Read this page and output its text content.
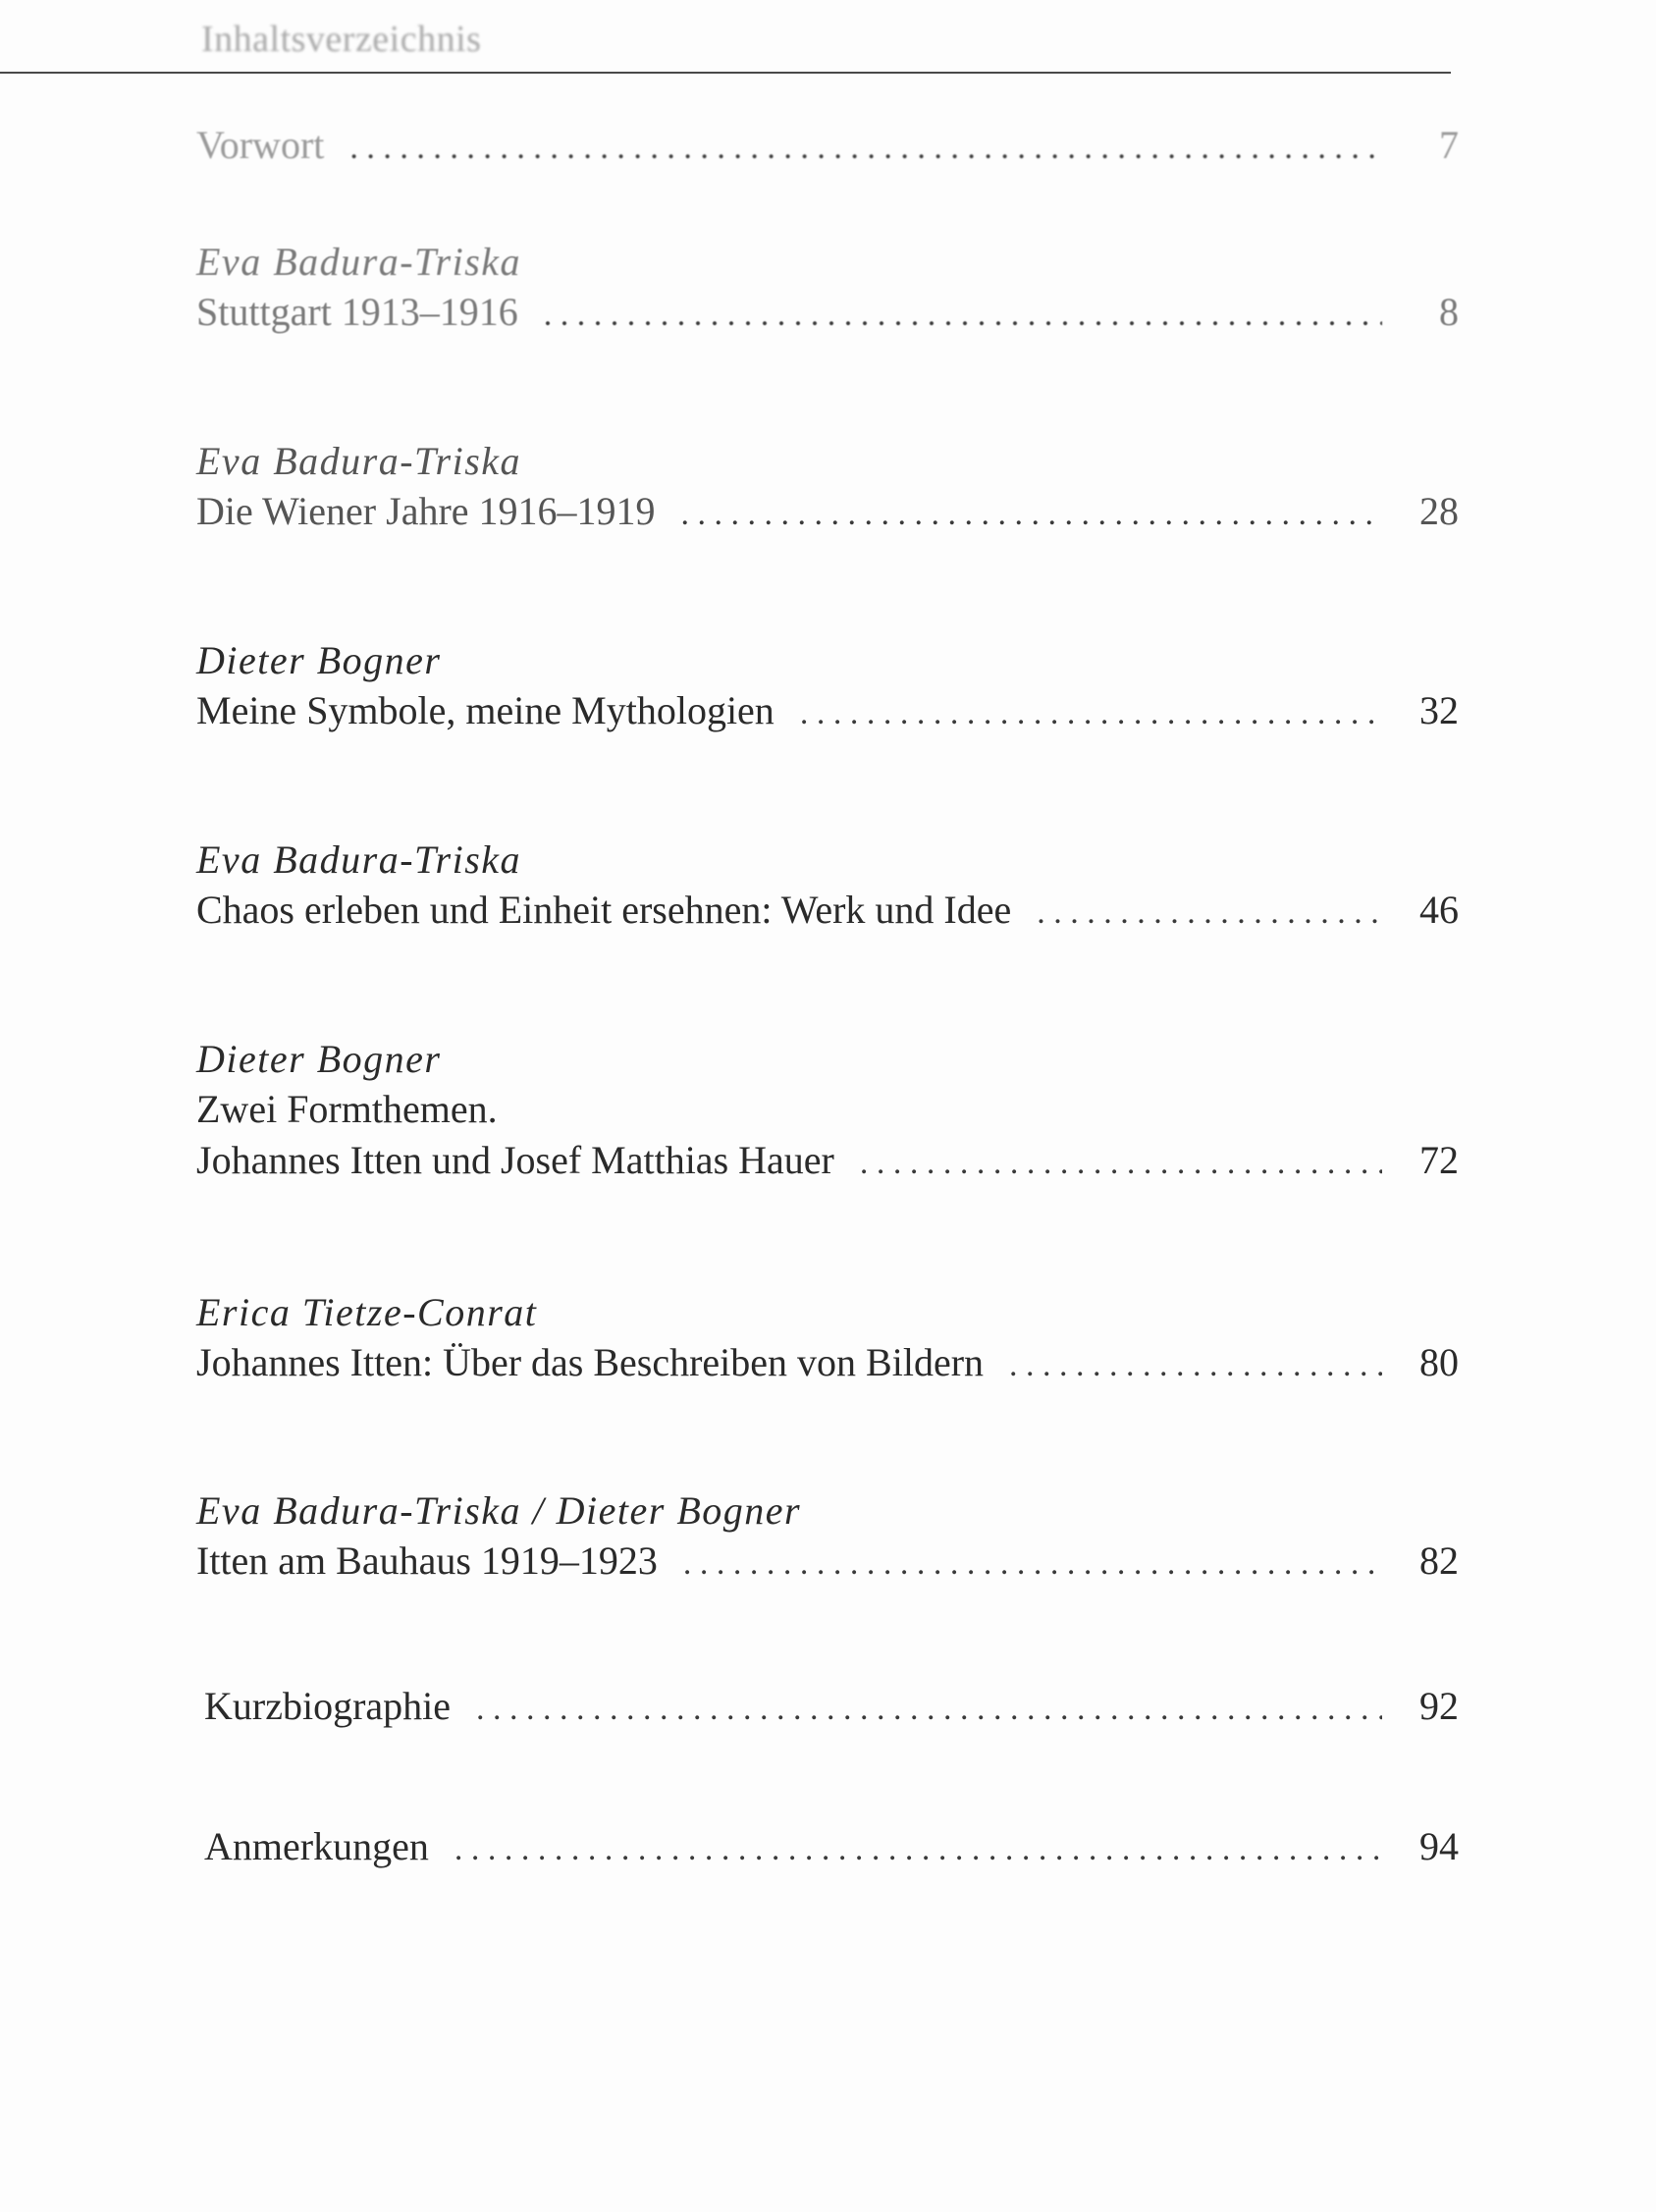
Inhaltsverzeichnis
Vorwort . . .	7
Eva Badura-Triska
Stuttgart 1913–1916 . . .	8
Eva Badura-Triska
Die Wiener Jahre 1916–1919 . . .	28
Dieter Bogner
Meine Symbole, meine Mythologien . . .	32
Eva Badura-Triska
Chaos erleben und Einheit ersehnen: Werk und Idee . . .	46
Dieter Bogner
Zwei Formthemen.
Johannes Itten und Josef Matthias Hauer . . .	72
Erica Tietze-Conrat
Johannes Itten: Über das Beschreiben von Bildern . . .	80
Eva Badura-Triska / Dieter Bogner
Itten am Bauhaus 1919–1923 . . .	82
Kurzbiographie . . .	92
Anmerkungen . . .	94
